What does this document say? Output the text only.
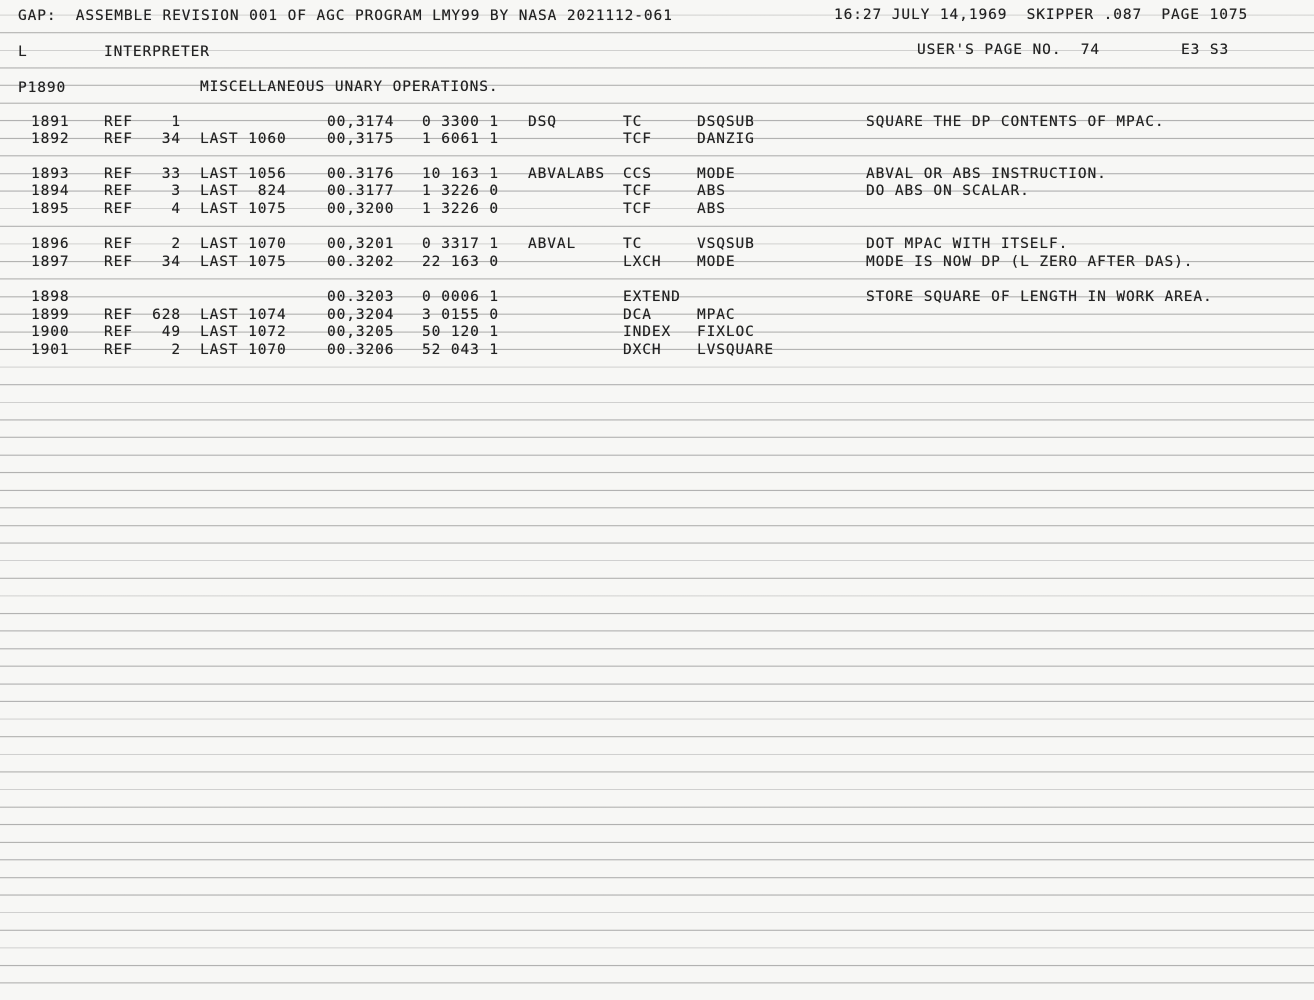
GAP:  ASSEMBLE REVISION 001 OF AGC PROGRAM LMY99 BY NASA 2021112-061	16:27 JULY 14,1969  SKIPPER .087  PAGE 1075
L	INTERPRETER	USER'S PAGE NO.  74	E3 S3
P1890	MISCELLANEOUS UNARY OPERATIONS.
1891 REF	1	00,3174 0 3300 1 DSQ	TC	DSQSUB	SQUARE THE DP CONTENTS OF MPAC.
1892 REF	34 LAST 1060	00,3175 1 6061 1	TCF	DANZIG
1893 REF	33 LAST 1056	00.3176 10 163 1 ABVALABS CCS	MODE	ABVAL OR ABS INSTRUCTION.
1894 REF	3 LAST  824	00.3177 1 3226 0	TCF	ABS	DO ABS ON SCALAR.
1895 REF	4 LAST 1075	00,3200 1 3226 0	TCF	ABS
1896 REF	2 LAST 1070	00,3201 0 3317 1 ABVAL	TC	VSQSUB	DOT MPAC WITH ITSELF.
1897 REF	34 LAST 1075	00.3202 22 163 0	LXCH MODE	MODE IS NOW DP (L ZERO AFTER DAS).
1898	00.3203 0 0006 1	EXTEND	STORE SQUARE OF LENGTH IN WORK AREA.
1899 REF	628 LAST 1074	00,3204 3 0155 0	DCA	MPAC
1900 REF	49 LAST 1072	00,3205 50 120 1	INDEX FIXLOC
1901 REF	2 LAST 1070	00.3206 52 043 1	DXCH LVSQUARE
